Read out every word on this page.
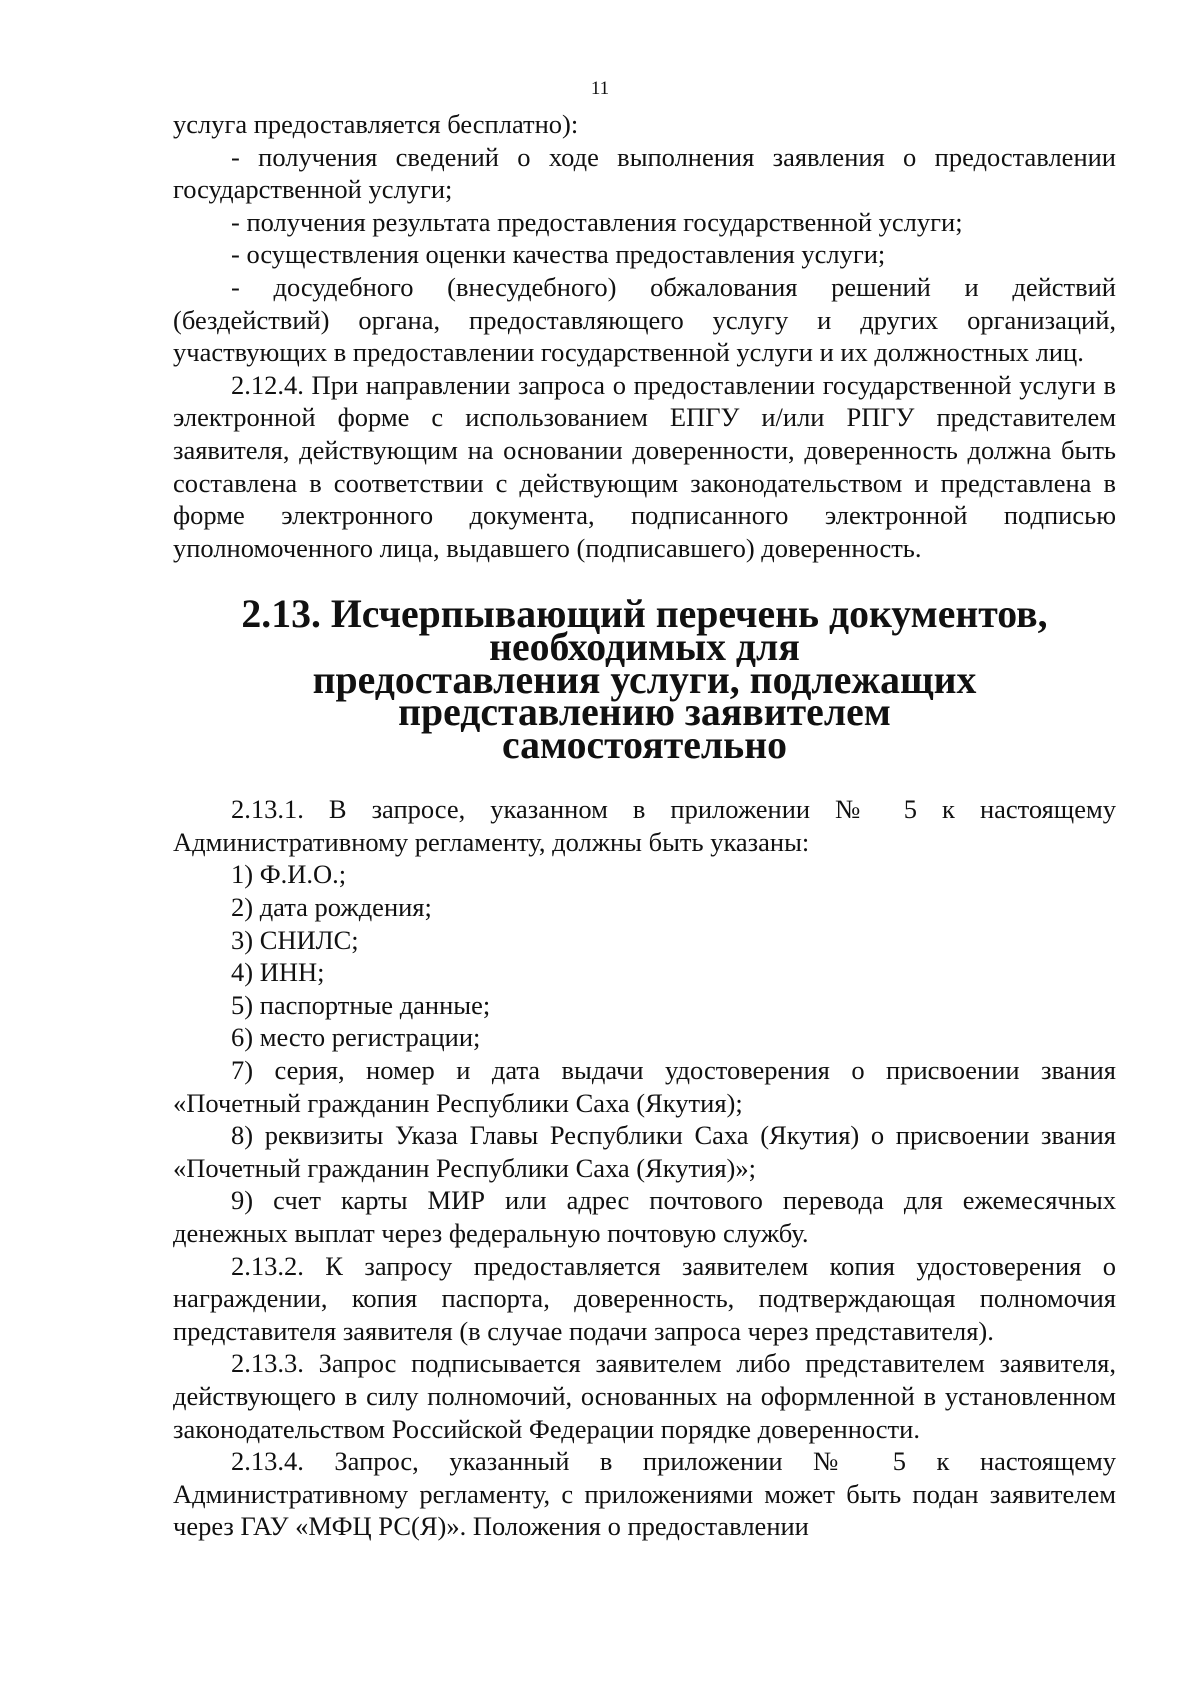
11

услуга предоставляется бесплатно):

- получения сведений о ходе выполнения заявления о предоставлении государственной услуги;

- получения результата предоставления государственной услуги;

- осуществления оценки качества предоставления услуги;

- досудебного (внесудебного) обжалования решений и действий (бездействий) органа, предоставляющего услугу и других организаций, участвующих в предоставлении государственной услуги и их должностных лиц.

2.12.4. При направлении запроса о предоставлении государственной услуги в электронной форме с использованием ЕПГУ и/или РПГУ представителем заявителя, действующим на основании доверенности, доверенность должна быть составлена в соответствии с действующим законодательством и представлена в форме электронного документа, подписанного электронной подписью уполномоченного лица, выдавшего (подписавшего) доверенность.

2.13. Исчерпывающий перечень документов, необходимых для
предоставления услуги, подлежащих представлению заявителем
самостоятельно

2.13.1. В запросе, указанном в приложении № 5 к настоящему Административному регламенту, должны быть указаны:

1) Ф.И.О.;

2) дата рождения;

3) СНИЛС;

4) ИНН;

5) паспортные данные;

6) место регистрации;

7) серия, номер и дата выдачи удостоверения о присвоении звания «Почетный гражданин Республики Саха (Якутия);

8) реквизиты Указа Главы Республики Саха (Якутия) о присвоении звания «Почетный гражданин Республики Саха (Якутия)»;

9) счет карты МИР или адрес почтового перевода для ежемесячных денежных выплат через федеральную почтовую службу.

2.13.2. К запросу предоставляется заявителем копия удостоверения о награждении, копия паспорта, доверенность, подтверждающая полномочия представителя заявителя (в случае подачи запроса через представителя).

2.13.3. Запрос подписывается заявителем либо представителем заявителя, действующего в силу полномочий, основанных на оформленной в установленном законодательством Российской Федерации порядке доверенности.

2.13.4. Запрос, указанный в приложении № 5 к настоящему Административному регламенту, с приложениями может быть подан заявителем через ГАУ «МФЦ РС(Я)». Положения о предоставлении
